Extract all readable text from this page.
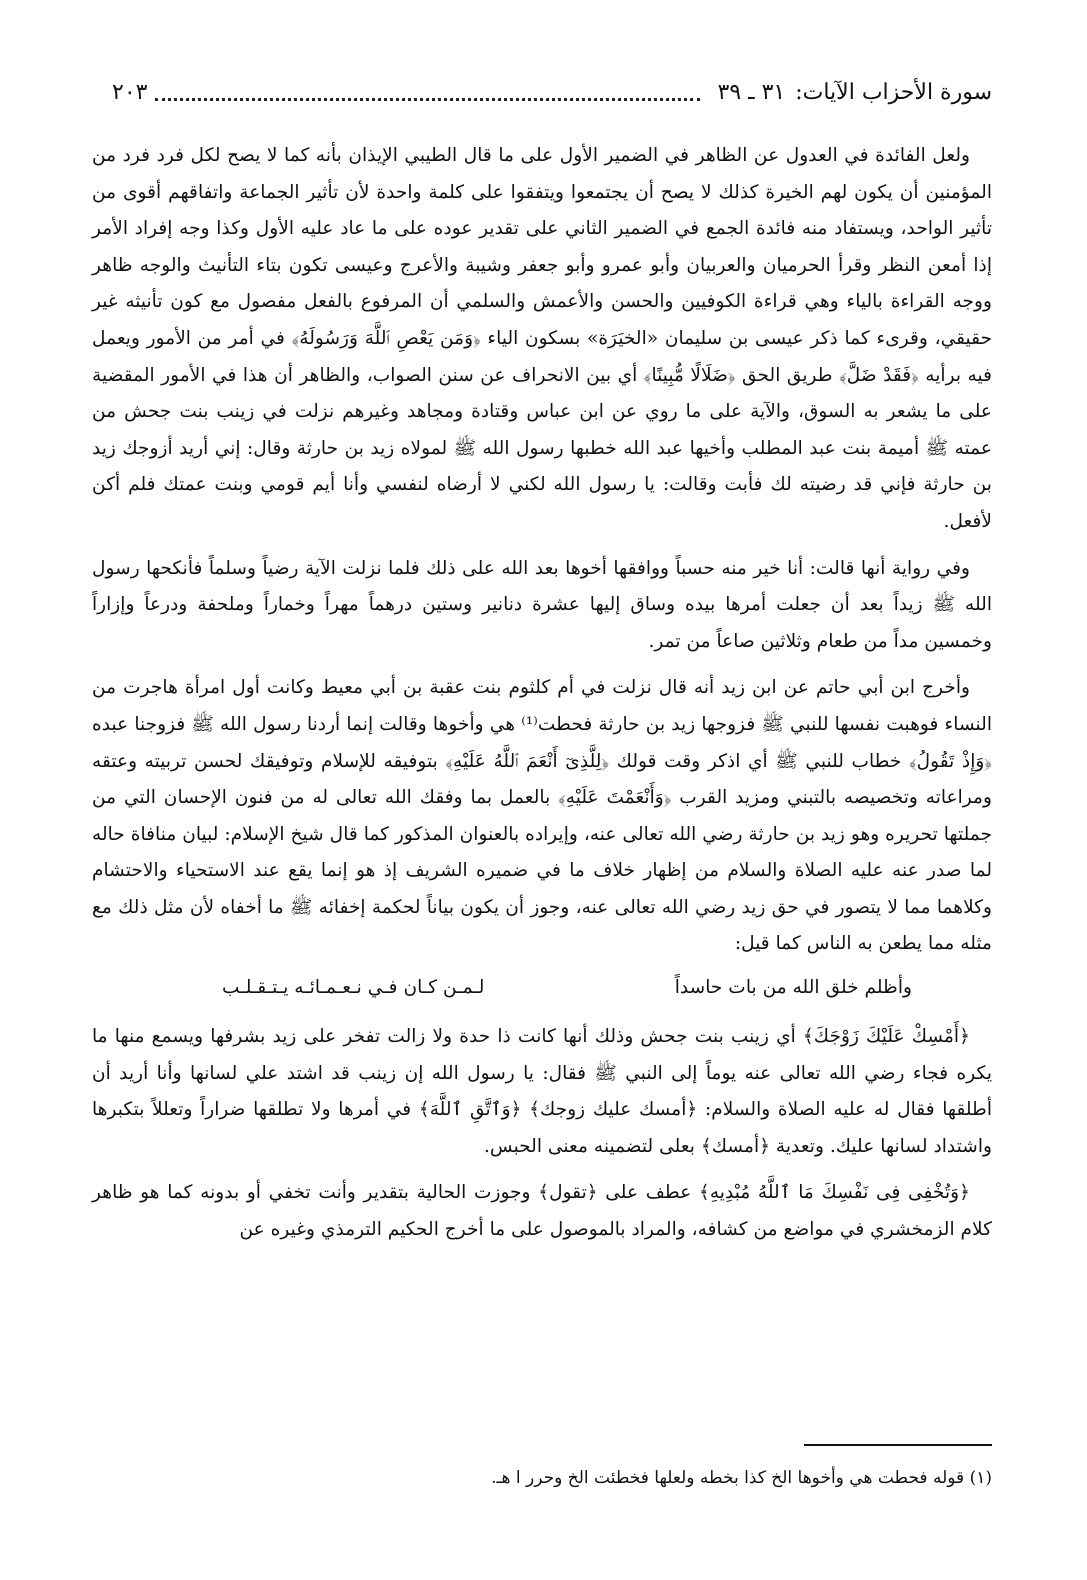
سورة الأحزاب الآيات:٣١ ـ ٣٩
٢٠٣

ولعل الفائدة في العدول عن الظاهر في الضمير الأول على ما قال الطيبي الإيذان بأنه كما لا يصح لكل فرد فرد من المؤمنين أن يكون لهم الخيرة كذلك لا يصح أن يجتمعوا ويتفقوا على كلمة واحدة لأن تأثير الجماعة واتفاقهم أقوى من تأثير الواحد، ويستفاد منه فائدة الجمع في الضمير الثاني على تقدير عوده على ما عاد عليه الأول وكذا وجه إفراد الأمر إذا أمعن النظر وقرأ الحرميان والعربيان وأبو عمرو وأبو جعفر وشيبة والأعرج وعيسى تكون بتاء التأنيث والوجه ظاهر ووجه القراءة بالياء وهي قراءة الكوفيين والحسن والأعمش والسلمي أن المرفوع بالفعل مفصول مع كون تأنيثه غير حقيقي، وقرىء كما ذكر عيسى بن سليمان «الخيَرَة» بسكون الياء ﴿وَمَن يَعْصِ ٱللَّهَ وَرَسُولَهُ﴾ في أمر من الأمور ويعمل فيه برأيه ﴿فَقَدْ ضَلَّ﴾ طريق الحق ﴿ضَلَالًا مُّبِينًا﴾ أي بين الانحراف عن سنن الصواب، والظاهر أن هذا في الأمور المقضية على ما يشعر به السوق، والآية على ما روي عن ابن عباس وقتادة ومجاهد وغيرهم نزلت في زينب بنت جحش من عمته ﷺ أميمة بنت عبد المطلب وأخيها عبد الله خطبها رسول الله ﷺ لمولاه زيد بن حارثة وقال: إني أريد أزوجك زيد بن حارثة فإني قد رضيته لك فأبت وقالت: يا رسول الله لكني لا أرضاه لنفسي وأنا أيم قومي وبنت عمتك فلم أكن لأفعل.

وفي رواية أنها قالت: أنا خير منه حسباً ووافقها أخوها بعد الله على ذلك فلما نزلت الآية رضياً وسلماً فأنكحها رسول الله ﷺ زيداً بعد أن جعلت أمرها بيده وساق إليها عشرة دنانير وستين درهماً مهراً وخماراً وملحفة ودرعاً وإزاراً وخمسين مداً من طعام وثلاثين صاعاً من تمر.

وأخرج ابن أبي حاتم عن ابن زيد أنه قال نزلت في أم كلثوم بنت عقبة بن أبي معيط وكانت أول امرأة هاجرت من النساء فوهبت نفسها للنبي ﷺ فزوجها زيد بن حارثة فحطت⁽¹⁾ هي وأخوها وقالت إنما أردنا رسول الله ﷺ فزوجنا عبده ﴿وَإِذْ تَقُولُ﴾ خطاب للنبي ﷺ أي اذكر وقت قولك ﴿لِلَّذِىٓ أَنْعَمَ ٱللَّهُ عَلَيْهِ﴾ بتوفيقه للإسلام وتوفيقك لحسن تربيته وعتقه ومراعاته وتخصيصه بالتبني ومزيد القرب ﴿وَأَنْعَمْتَ عَلَيْهِ﴾ بالعمل بما وفقك الله تعالى له من فنون الإحسان التي من جملتها تحريره وهو زيد بن حارثة رضي الله تعالى عنه، وإيراده بالعنوان المذكور كما قال شيخ الإسلام: لبيان منافاة حاله لما صدر عنه عليه الصلاة والسلام من إظهار خلاف ما في ضميره الشريف إذ هو إنما يقع عند الاستحياء والاحتشام وكلاهما مما لا يتصور في حق زيد رضي الله تعالى عنه، وجوز أن يكون بياناً لحكمة إخفائه ﷺ ما أخفاه لأن مثل ذلك مع مثله مما يطعن به الناس كما قيل:

وأظلم خلق الله من بات حاسداً
لـمـن كـان فـي نـعـمـائـه يـتـقـلـب

﴿أَمْسِكْ عَلَيْكَ زَوْجَكَ﴾ أي زينب بنت جحش وذلك أنها كانت ذا حدة ولا زالت تفخر على زيد بشرفها ويسمع منها ما يكره فجاء رضي الله تعالى عنه يوماً إلى النبي ﷺ فقال: يا رسول الله إن زينب قد اشتد علي لسانها وأنا أريد أن أطلقها فقال له عليه الصلاة والسلام: ﴿أمسك عليك زوجك﴾ ﴿وَٱتَّقِ ٱللَّهَ﴾ في أمرها ولا تطلقها ضراراً وتعللاً بتكبرها واشتداد لسانها عليك. وتعدية ﴿أمسك﴾ بعلى لتضمينه معنى الحبس.

﴿وَتُخْفِى فِى نَفْسِكَ مَا ٱللَّهُ مُبْدِيهِ﴾ عطف على ﴿تقول﴾ وجوزت الحالية بتقدير وأنت تخفي أو بدونه كما هو ظاهر كلام الزمخشري في مواضع من كشافه، والمراد بالموصول على ما أخرج الحكيم الترمذي وغيره عن

(١) قوله فحطت هي وأخوها الخ كذا بخطه ولعلها فخطئت الخ وحرر ا هـ.
